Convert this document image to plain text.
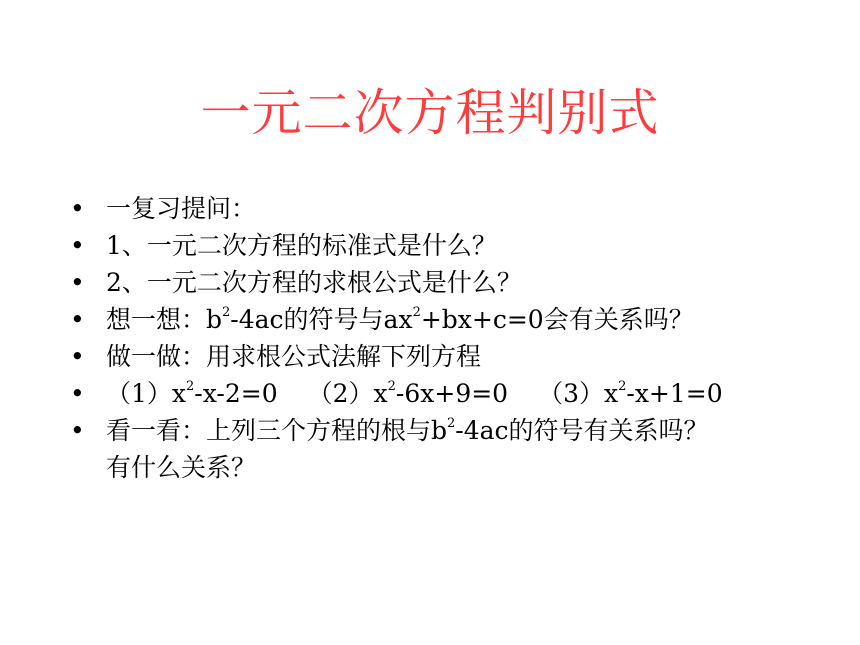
一元二次方程判别式
• 一复习提问：
• 1、一元二次方程的标准式是什么？
• 2、一元二次方程的求根公式是什么？
• 想一想：$b^2-4ac$的符号与$ax^2+bx+c=0$会有关系吗？
• 做一做：用求根公式法解下列方程
• $(1)x^2-x-2=0$ $(2)x^2-6x+9=0$ $(3)x^2-x+1=0$
• 看一看：上列三个方程的根与$b^2-4ac$的符号有关系吗？
有什么关系？
